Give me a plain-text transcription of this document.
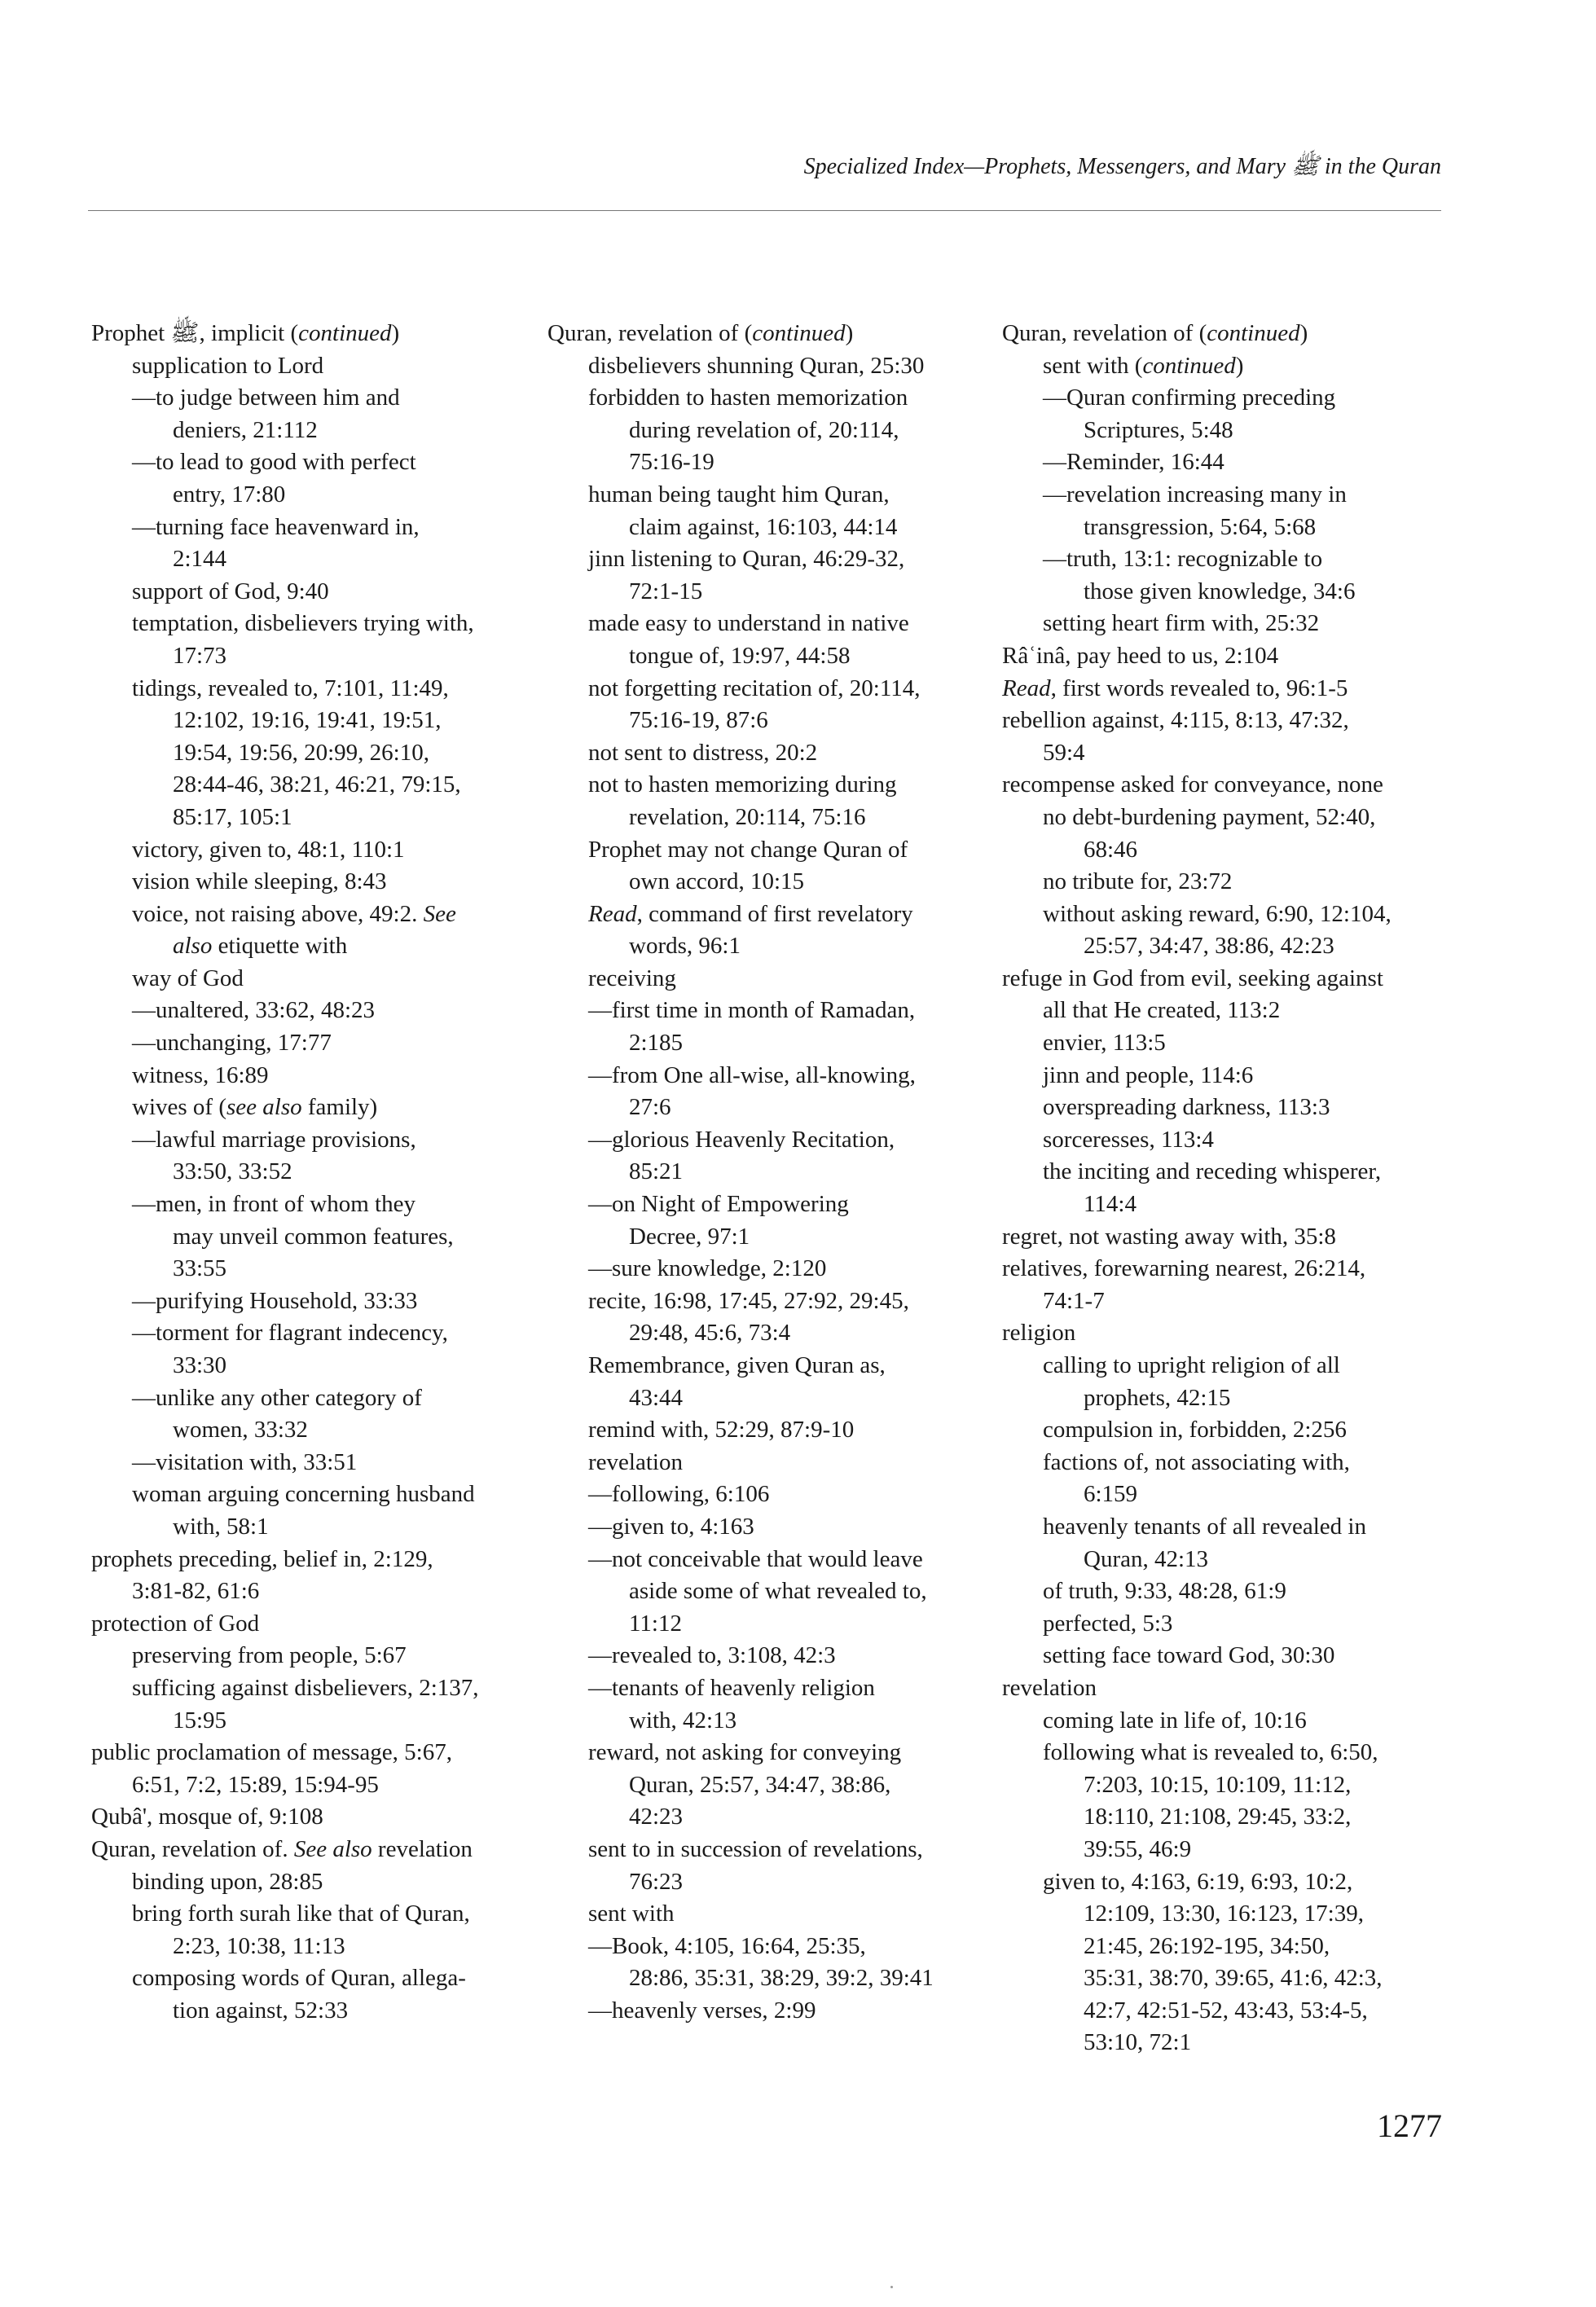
Specialized Index—Prophets, Messengers, and Mary ﷺ in the Quran
Prophet ﷺ, implicit (continued)
supplication to Lord
—to judge between him and
deniers, 21:112
—to lead to good with perfect
entry, 17:80
—turning face heavenward in,
2:144
support of God, 9:40
temptation, disbelievers trying with,
17:73
tidings, revealed to, 7:101, 11:49,
12:102, 19:16, 19:41, 19:51,
19:54, 19:56, 20:99, 26:10,
28:44-46, 38:21, 46:21, 79:15,
85:17, 105:1
victory, given to, 48:1, 110:1
vision while sleeping, 8:43
voice, not raising above, 49:2. See
also etiquette with
way of God
—unaltered, 33:62, 48:23
—unchanging, 17:77
witness, 16:89
wives of (see also family)
—lawful marriage provisions,
33:50, 33:52
—men, in front of whom they
may unveil common features,
33:55
—purifying Household, 33:33
—torment for flagrant indecency,
33:30
—unlike any other category of
women, 33:32
—visitation with, 33:51
woman arguing concerning husband
with, 58:1
prophets preceding, belief in, 2:129,
3:81-82, 61:6
protection of God
preserving from people, 5:67
sufficing against disbelievers, 2:137,
15:95
public proclamation of message, 5:67,
6:51, 7:2, 15:89, 15:94-95
Qubâ', mosque of, 9:108
Quran, revelation of. See also revelation
binding upon, 28:85
bring forth surah like that of Quran,
2:23, 10:38, 11:13
composing words of Quran, allega-
tion against, 52:33
Quran, revelation of (continued)
disbelievers shunning Quran, 25:30
forbidden to hasten memorization
during revelation of, 20:114,
75:16-19
human being taught him Quran,
claim against, 16:103, 44:14
jinn listening to Quran, 46:29-32,
72:1-15
made easy to understand in native
tongue of, 19:97, 44:58
not forgetting recitation of, 20:114,
75:16-19, 87:6
not sent to distress, 20:2
not to hasten memorizing during
revelation, 20:114, 75:16
Prophet may not change Quran of
own accord, 10:15
Read, command of first revelatory
words, 96:1
receiving
—first time in month of Ramadan,
2:185
—from One all-wise, all-knowing,
27:6
—glorious Heavenly Recitation,
85:21
—on Night of Empowering
Decree, 97:1
—sure knowledge, 2:120
recite, 16:98, 17:45, 27:92, 29:45,
29:48, 45:6, 73:4
Remembrance, given Quran as,
43:44
remind with, 52:29, 87:9-10
revelation
—following, 6:106
—given to, 4:163
—not conceivable that would leave
aside some of what revealed to,
11:12
—revealed to, 3:108, 42:3
—tenants of heavenly religion
with, 42:13
reward, not asking for conveying
Quran, 25:57, 34:47, 38:86,
42:23
sent to in succession of revelations,
76:23
sent with
—Book, 4:105, 16:64, 25:35,
28:86, 35:31, 38:29, 39:2, 39:41
—heavenly verses, 2:99
Quran, revelation of (continued)
sent with (continued)
—Quran confirming preceding
Scriptures, 5:48
—Reminder, 16:44
—revelation increasing many in
transgression, 5:64, 5:68
—truth, 13:1: recognizable to
those given knowledge, 34:6
setting heart firm with, 25:32
Râʿinâ, pay heed to us, 2:104
Read, first words revealed to, 96:1-5
rebellion against, 4:115, 8:13, 47:32,
59:4
recompense asked for conveyance, none
no debt-burdening payment, 52:40,
68:46
no tribute for, 23:72
without asking reward, 6:90, 12:104,
25:57, 34:47, 38:86, 42:23
refuge in God from evil, seeking against
all that He created, 113:2
envier, 113:5
jinn and people, 114:6
overspreading darkness, 113:3
sorceresses, 113:4
the inciting and receding whisperer,
114:4
regret, not wasting away with, 35:8
relatives, forewarning nearest, 26:214,
74:1-7
religion
calling to upright religion of all
prophets, 42:15
compulsion in, forbidden, 2:256
factions of, not associating with,
6:159
heavenly tenants of all revealed in
Quran, 42:13
of truth, 9:33, 48:28, 61:9
perfected, 5:3
setting face toward God, 30:30
revelation
coming late in life of, 10:16
following what is revealed to, 6:50,
7:203, 10:15, 10:109, 11:12,
18:110, 21:108, 29:45, 33:2,
39:55, 46:9
given to, 4:163, 6:19, 6:93, 10:2,
12:109, 13:30, 16:123, 17:39,
21:45, 26:192-195, 34:50,
35:31, 38:70, 39:65, 41:6, 42:3,
42:7, 42:51-52, 43:43, 53:4-5,
53:10, 72:1
1277
